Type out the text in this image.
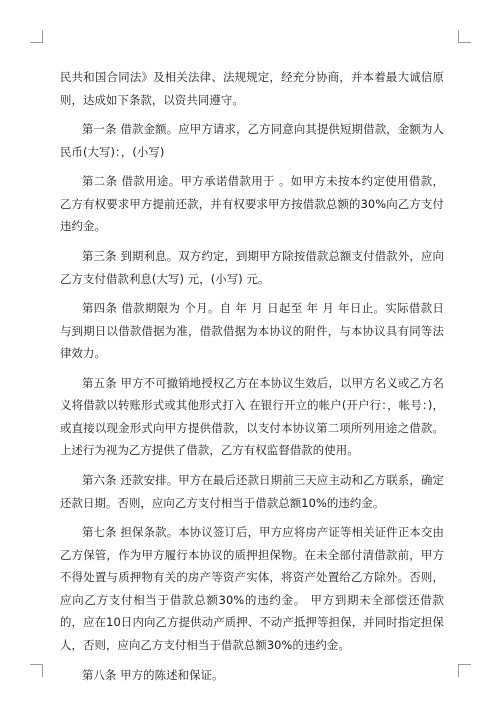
民共和国合同法》及相关法律、法规规定，经充分协商，并本着最大诚信原则，达成如下条款，以资共同遵守。

第一条 借款金额。应甲方请求，乙方同意向其提供短期借款，金额为人民币(大写)：，(小写)

第二条 借款用途。甲方承诺借款用于 。如甲方未按本约定使用借款，乙方有权要求甲方提前还款，并有权要求甲方按借款总额的30%向乙方支付违约金。

第三条 到期利息。双方约定，到期甲方除按借款总额支付借款外，应向乙方支付借款利息(大写) 元，(小写) 元。

第四条 借款期限为 个月。自 年 月 日起至 年 月 年日止。实际借款日与到期日以借款借据为准，借款借据为本协议的附件，与本协议具有同等法律效力。

第五条 甲方不可撤销地授权乙方在本协议生效后，以甲方名义或乙方名义将借款以转账形式或其他形式打入 在银行开立的帐户(开户行：，帐号：)，或直接以现金形式向甲方提供借款，以支付本协议第二项所列用途之借款。上述行为视为乙方提供了借款，乙方有权监督借款的使用。

第六条 还款安排。甲方在最后还款日期前三天应主动和乙方联系，确定还款日期。否则，应向乙方支付相当于借款总额10%的违约金。

第七条 担保条款。本协议签订后，甲方应将房产证等相关证件正本交由乙方保管，作为甲方履行本协议的质押担保物。在未全部付清借款前，甲方不得处置与质押物有关的房产等资产实体，将资产处置给乙方除外。否则，应向乙方支付相当于借款总额30%的违约金。 甲方到期未全部偿还借款的，应在10日内向乙方提供动产质押、不动产抵押等担保，并同时指定担保人，否则，应向乙方支付相当于借款总额30%的违约金。

第八条 甲方的陈述和保证。
